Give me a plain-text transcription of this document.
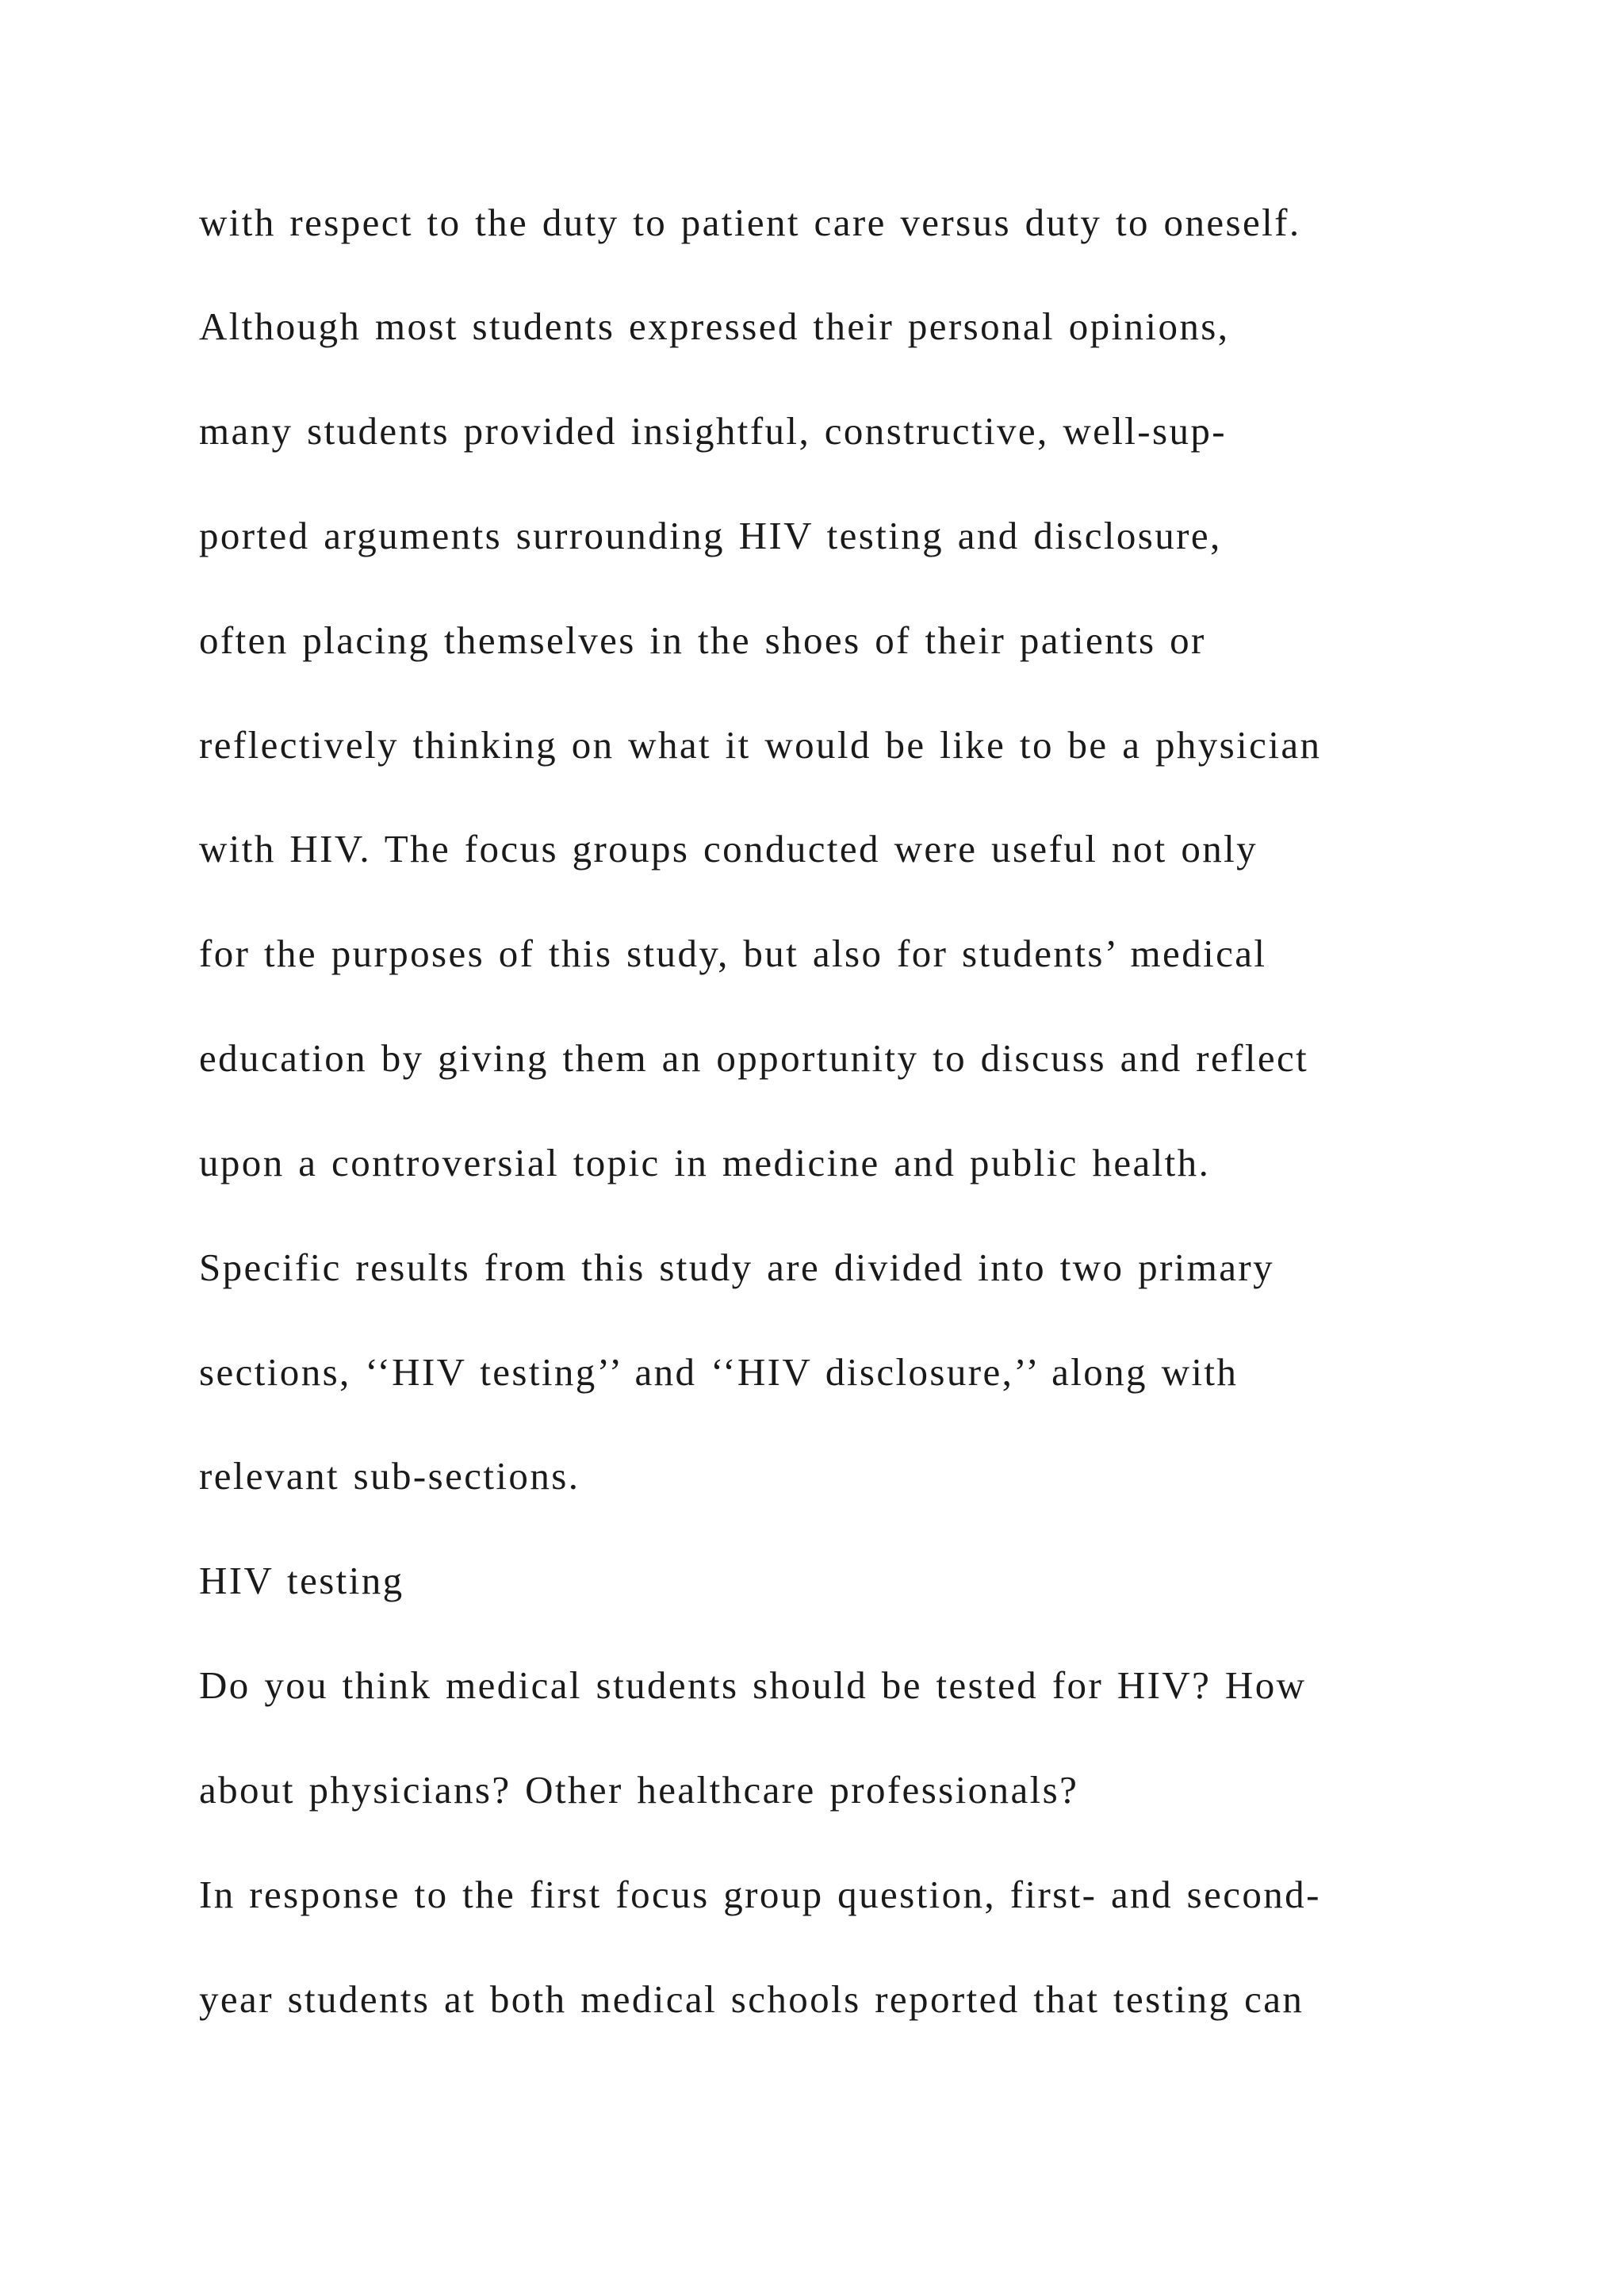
with respect to the duty to patient care versus duty to oneself.
Although most students expressed their personal opinions,
many students provided insightful, constructive, well-sup-
ported arguments surrounding HIV testing and disclosure,
often placing themselves in the shoes of their patients or
reflectively thinking on what it would be like to be a physician
with HIV. The focus groups conducted were useful not only
for the purposes of this study, but also for students’ medical
education by giving them an opportunity to discuss and reflect
upon a controversial topic in medicine and public health.
Specific results from this study are divided into two primary
sections, ‘‘HIV testing’’ and ‘‘HIV disclosure,’’ along with
relevant sub-sections.
HIV testing
Do you think medical students should be tested for HIV? How
about physicians? Other healthcare professionals?
In response to the first focus group question, first- and second-
year students at both medical schools reported that testing can
